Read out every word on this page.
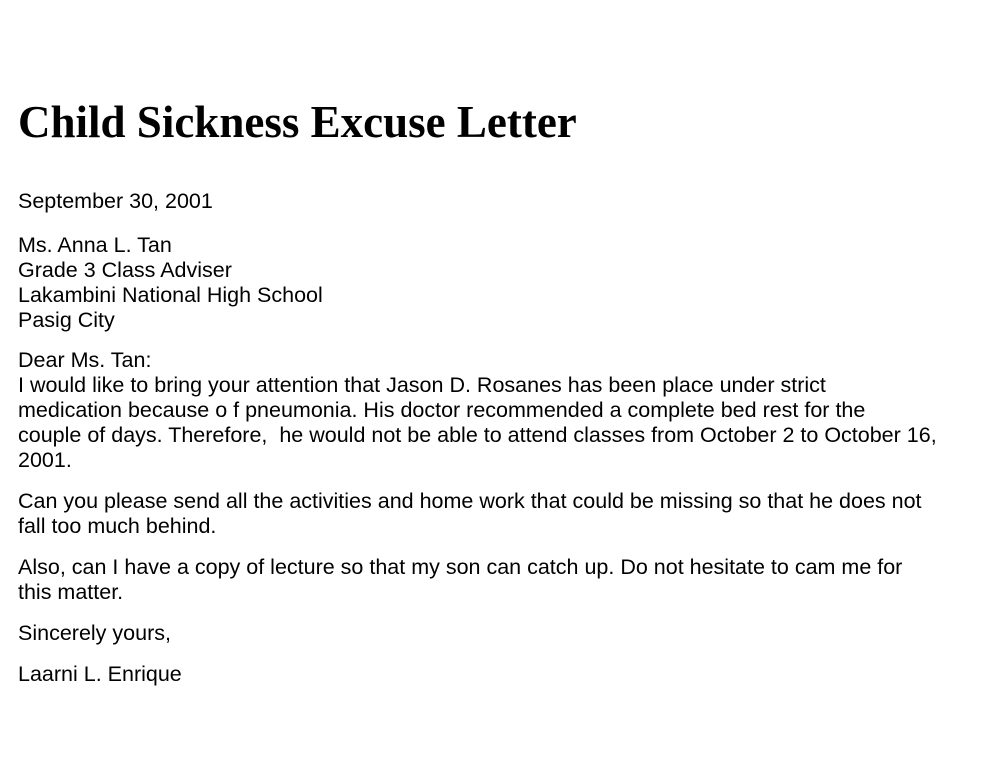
Child Sickness Excuse Letter
September 30, 2001
Ms. Anna L. Tan
Grade 3 Class Adviser
Lakambini National High School
Pasig City
Dear Ms. Tan:
I would like to bring your attention that Jason D. Rosanes has been place under strict
medication because o f pneumonia. His doctor recommended a complete bed rest for the
couple of days. Therefore,  he would not be able to attend classes from October 2 to October 16,
2001.
Can you please send all the activities and home work that could be missing so that he does not
fall too much behind.
Also, can I have a copy of lecture so that my son can catch up. Do not hesitate to cam me for
this matter.
Sincerely yours,
Laarni L. Enrique
